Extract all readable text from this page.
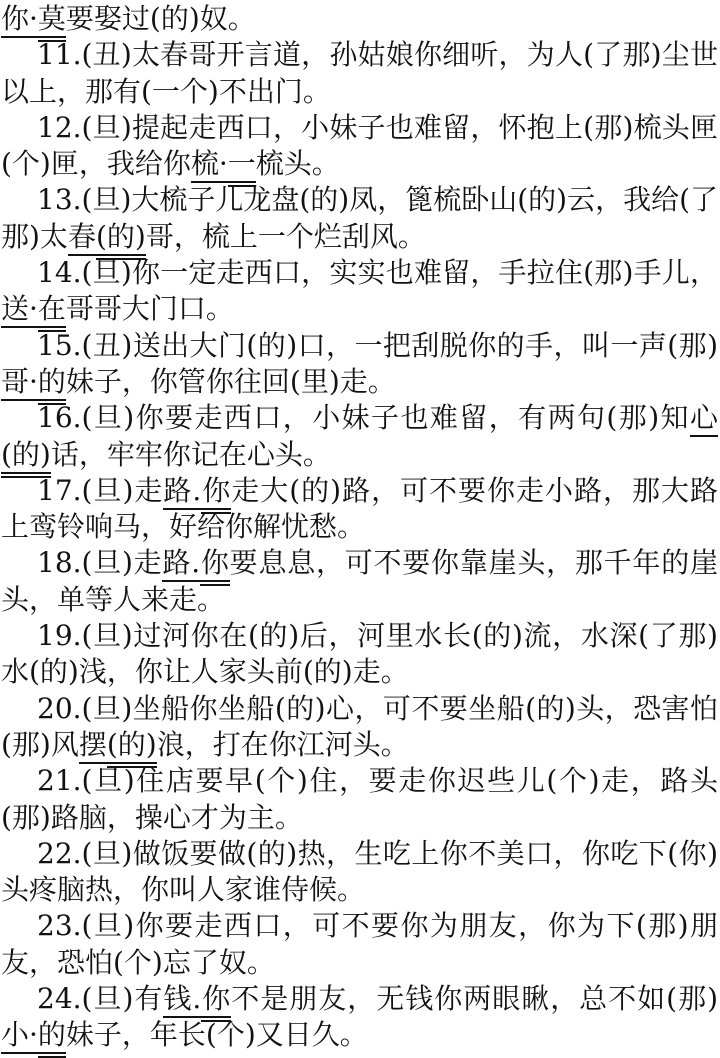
你·莫要娶过(的)奴。

11.(丑)太春哥开言道，孙姑娘你细听，为人(了那)尘世以上，那有(一个)不出门。

12.(旦)提起走西口，小妹子也难留，怀抱上(那)梳头匣(个)匣，我给你梳·一梳头。

13.(旦)大梳子儿龙盘(的)凤，篦梳卧山(的)云，我给(了那)太春(的)哥，梳上一个烂刮风。

14.(旦)你一定走西口，实实也难留，手拉住(那)手儿，送·在哥哥大门口。

15.(丑)送出大门(的)口，一把刮脱你的手，叫一声(那)哥·的妹子，你管你往回(里)走。

16.(旦)你要走西口，小妹子也难留，有两句(那)知心(的)话，牢牢你记在心头。

17.(旦)走路.你走大(的)路，可不要你走小路，那大路上鸾铃响马，好给你解忧愁。

18.(旦)走路.你要息息，可不要你靠崖头，那千年的崖头，单等人来走。

19.(旦)过河你在(的)后，河里水长(的)流，水深(了那)水(的)浅，你让人家头前(的)走。

20.(旦)坐船你坐船(的)心，可不要坐船(的)头，恐害怕(那)风摆(的)浪，打在你江河头。

21.(旦)住店要早(个)住，要走你迟些儿(个)走，路头(那)路脑，操心才为主。

22.(旦)做饭要做(的)热，生吃上你不美口，你吃下(你)头疼脑热，你叫人家谁侍候。

23.(旦)你要走西口，可不要你为朋友，你为下(那)朋友，恐怕(个)忘了奴。

24.(旦)有钱.你不是朋友，无钱你两眼瞅，总不如(那)小·的妹子，年长(个)又日久。
